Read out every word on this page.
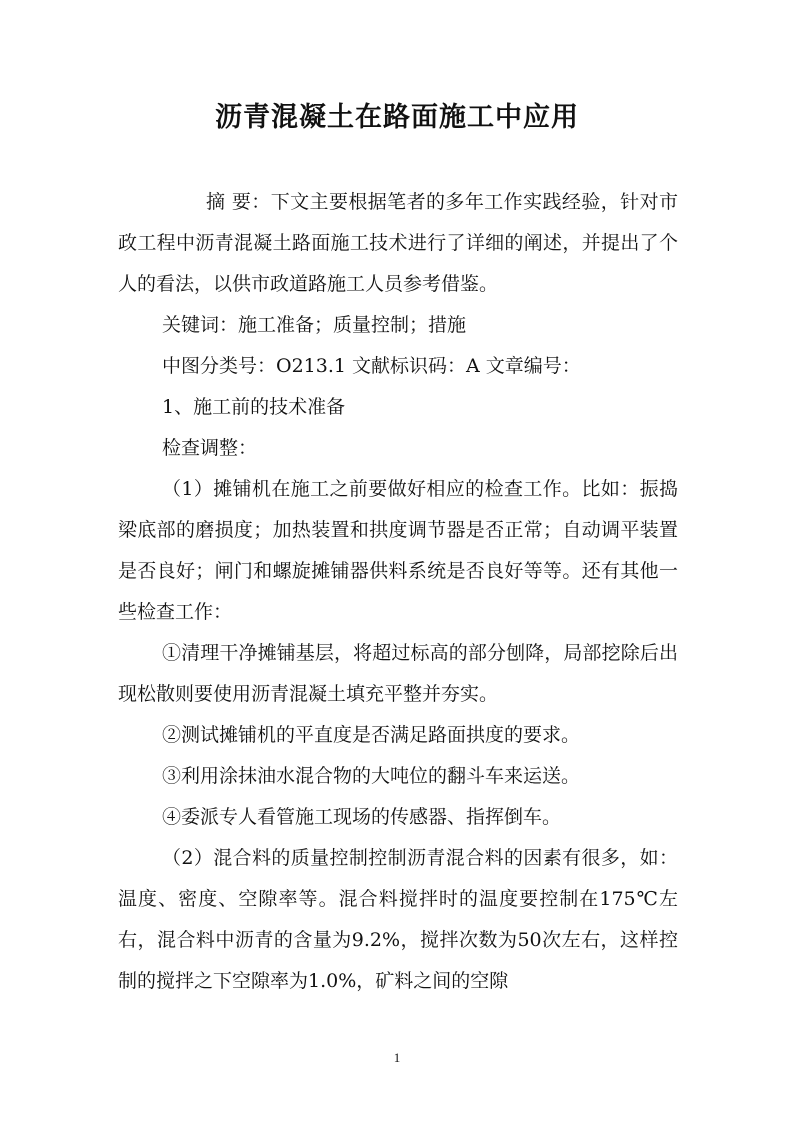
沥青混凝土在路面施工中应用

摘 要：下文主要根据笔者的多年工作实践经验，针对市政工程中沥青混凝土路面施工技术进行了详细的阐述，并提出了个人的看法，以供市政道路施工人员参考借鉴。

关键词：施工准备；质量控制；措施

中图分类号：O213.1 文献标识码：A 文章编号：

1、施工前的技术准备

检查调整：

（1）摊铺机在施工之前要做好相应的检查工作。比如：振捣梁底部的磨损度；加热装置和拱度调节器是否正常；自动调平装置是否良好；闸门和螺旋摊铺器供料系统是否良好等等。还有其他一些检查工作：

①清理干净摊铺基层，将超过标高的部分刨降，局部挖除后出现松散则要使用沥青混凝土填充平整并夯实。

②测试摊铺机的平直度是否满足路面拱度的要求。

③利用涂抹油水混合物的大吨位的翻斗车来运送。

④委派专人看管施工现场的传感器、指挥倒车。

（2）混合料的质量控制控制沥青混合料的因素有很多，如：温度、密度、空隙率等。混合料搅拌时的温度要控制在175℃左右，混合料中沥青的含量为9.2%，搅拌次数为50次左右，这样控制的搅拌之下空隙率为1.0%，矿料之间的空隙

1
